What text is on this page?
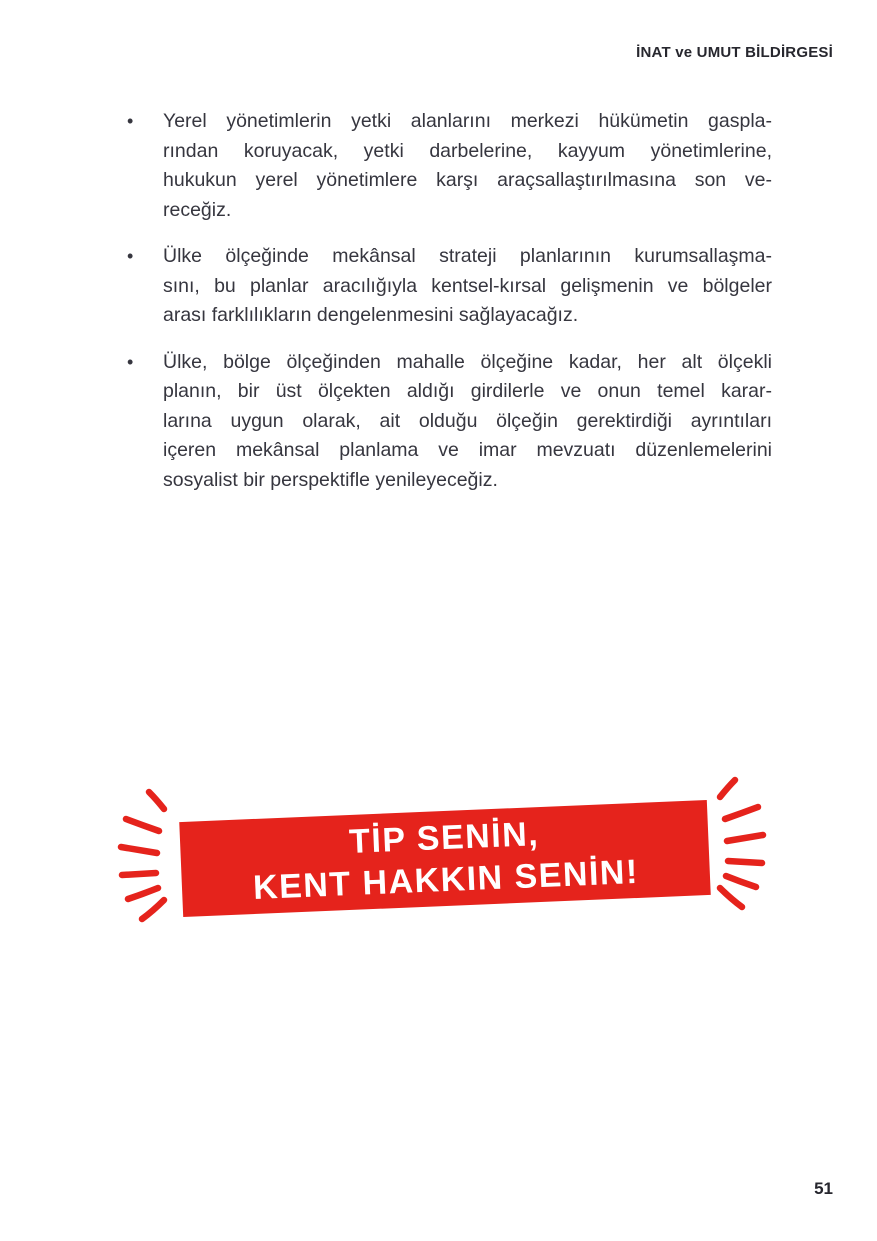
İNAT ve UMUT BİLDİRGESİ
•	Yerel yönetimlerin yetki alanlarını merkezi hükümetin gaspla-
rından koruyacak, yetki darbelerine, kayyum yönetimlerine,
hukukun yerel yönetimlere karşı araçsallaştırılmasına son ve-
receğiz.
•	Ülke ölçeğinde mekânsal strateji planlarının kurumsallaşma-
sını, bu planlar aracılığıyla kentsel-kırsal gelişmenin ve bölgeler
arası farklılıkların dengelenmesini sağlayacağız.
•	Ülke, bölge ölçeğinden mahalle ölçeğine kadar, her alt ölçekli
planın, bir üst ölçekten aldığı girdilerle ve onun temel karar-
larına uygun olarak, ait olduğu ölçeğin gerektirdiği ayrıntıları
içeren mekânsal planlama ve imar mevzuatı düzenlemelerini
sosyalist bir perspektifle yenileyeceğiz.
TİP SENİN,
KENT HAKKIN SENİN!
51
